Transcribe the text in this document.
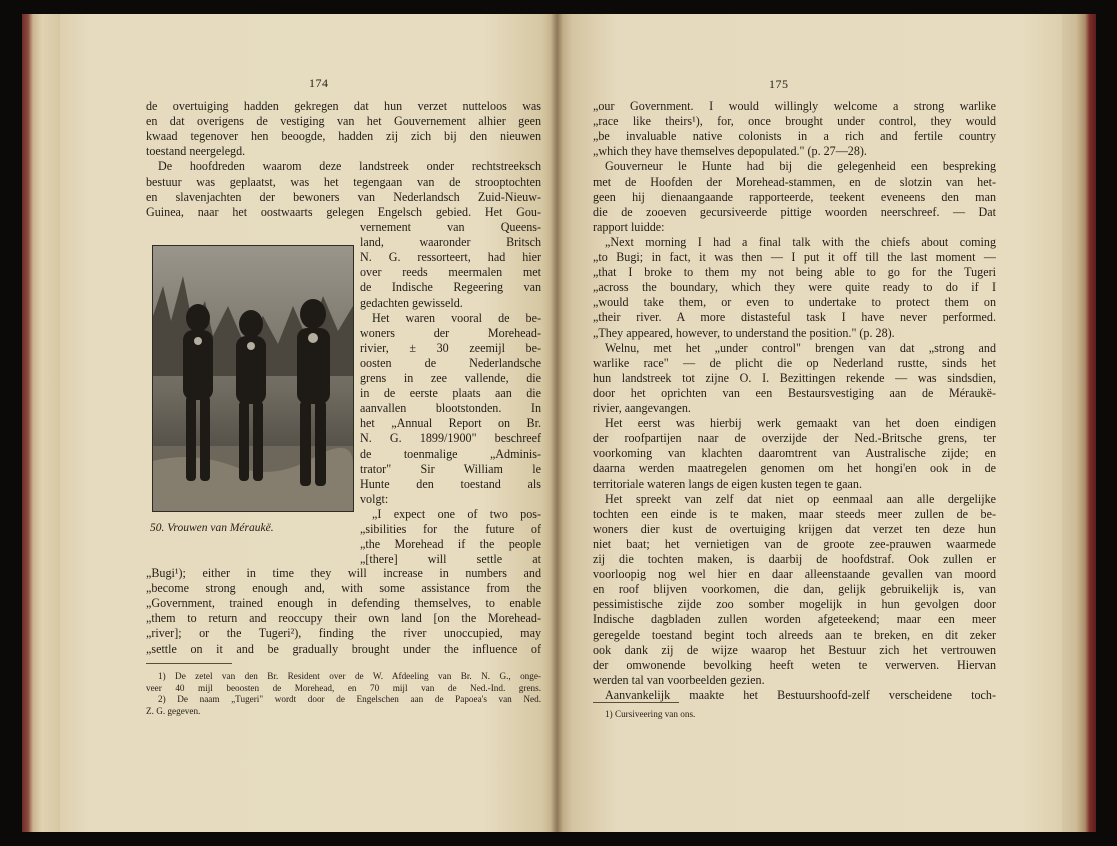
174
de overtuiging hadden gekregen dat hun verzet nutteloos was
en dat overigens de vestiging van het Gouvernement alhier geen
kwaad tegenover hen beoogde, hadden zij zich bij den nieuwen
toestand neergelegd.
De hoofdreden waarom deze landstreek onder rechtstreeksch
bestuur was geplaatst, was het tegengaan van de strooptochten
en slavenjachten der bewoners van Nederlandsch Zuid-Nieuw-
Guinea, naar het oostwaarts gelegen Engelsch gebied. Het Gou-
50. Vrouwen van Méraukë.
vernement van Queens-
land, waaronder Britsch
N. G. ressorteert, had hier
over reeds meermalen met
de Indische Regeering van
gedachten gewisseld.
Het waren vooral de be-
woners der Morehead-
rivier, ± 30 zeemijl be-
oosten de Nederlandsche
grens in zee vallende, die
in de eerste plaats aan die
aanvallen blootstonden. In
het „Annual Report on Br.
N. G. 1899/1900" beschreef
de toenmalige „Adminis-
trator" Sir William le
Hunte den toestand als
volgt:
„I expect one of two pos-
„sibilities for the future of
„the Morehead if the people
„[there] will settle at
„Bugi¹); either in time they will increase in numbers and
„become strong enough and, with some assistance from the
„Government, trained enough in defending themselves, to enable
„them to return and reoccupy their own land [on the Morehead-
„river]; or the Tugeri²), finding the river unoccupied, may
„settle on it and be gradually brought under the influence of
1) De zetel van den Br. Resident over de W. Afdeeling van Br. N. G., onge-
veer 40 mijl beoosten de Morehead, en 70 mijl van de Ned.-Ind. grens.
2) De naam „Tugeri" wordt door de Engelschen aan de Papoea's van Ned.
Z. G. gegeven.
175
„our Government. I would willingly welcome a strong warlike
„race like theirs¹), for, once brought under control, they would
„be invaluable native colonists in a rich and fertile country
„which they have themselves depopulated." (p. 27—28).
Gouverneur le Hunte had bij die gelegenheid een bespreking
met de Hoofden der Morehead-stammen, en de slotzin van het-
geen hij dienaangaande rapporteerde, teekent eveneens den man
die de zooeven gecursiveerde pittige woorden neerschreef. — Dat
rapport luidde:
„Next morning I had a final talk with the chiefs about coming
„to Bugi; in fact, it was then — I put it off till the last moment —
„that I broke to them my not being able to go for the Tugeri
„across the boundary, which they were quite ready to do if I
„would take them, or even to undertake to protect them on
„their river. A more distasteful task I have never performed.
„They appeared, however, to understand the position." (p. 28).
Welnu, met het „under control" brengen van dat „strong and
warlike race" — de plicht die op Nederland rustte, sinds het
hun landstreek tot zijne O. I. Bezittingen rekende — was sindsdien,
door het oprichten van een Bestaursvestiging aan de Méraukë-
rivier, aangevangen.
Het eerst was hierbij werk gemaakt van het doen eindigen
der roofpartijen naar de overzijde der Ned.-Britsche grens, ter
voorkoming van klachten daaromtrent van Australische zijde; en
daarna werden maatregelen genomen om het hongi'en ook in de
territoriale wateren langs de eigen kusten tegen te gaan.
Het spreekt van zelf dat niet op eenmaal aan alle dergelijke
tochten een einde is te maken, maar steeds meer zullen de be-
woners dier kust de overtuiging krijgen dat verzet ten deze hun
niet baat; het vernietigen van de groote zee-prauwen waarmede
zij die tochten maken, is daarbij de hoofdstraf. Ook zullen er
voorloopig nog wel hier en daar alleenstaande gevallen van moord
en roof blijven voorkomen, die dan, gelijk gebruikelijk is, van
pessimistische zijde zoo somber mogelijk in hun gevolgen door
Indische dagbladen zullen worden afgeteekend; maar een meer
geregelde toestand begint toch alreeds aan te breken, en dit zeker
ook dank zij de wijze waarop het Bestuur zich het vertrouwen
der omwonende bevolking heeft weten te verwerven. Hiervan
werden tal van voorbeelden gezien.
Aanvankelijk maakte het Bestuurshoofd-zelf verscheidene toch-
1) Cursiveering van ons.
